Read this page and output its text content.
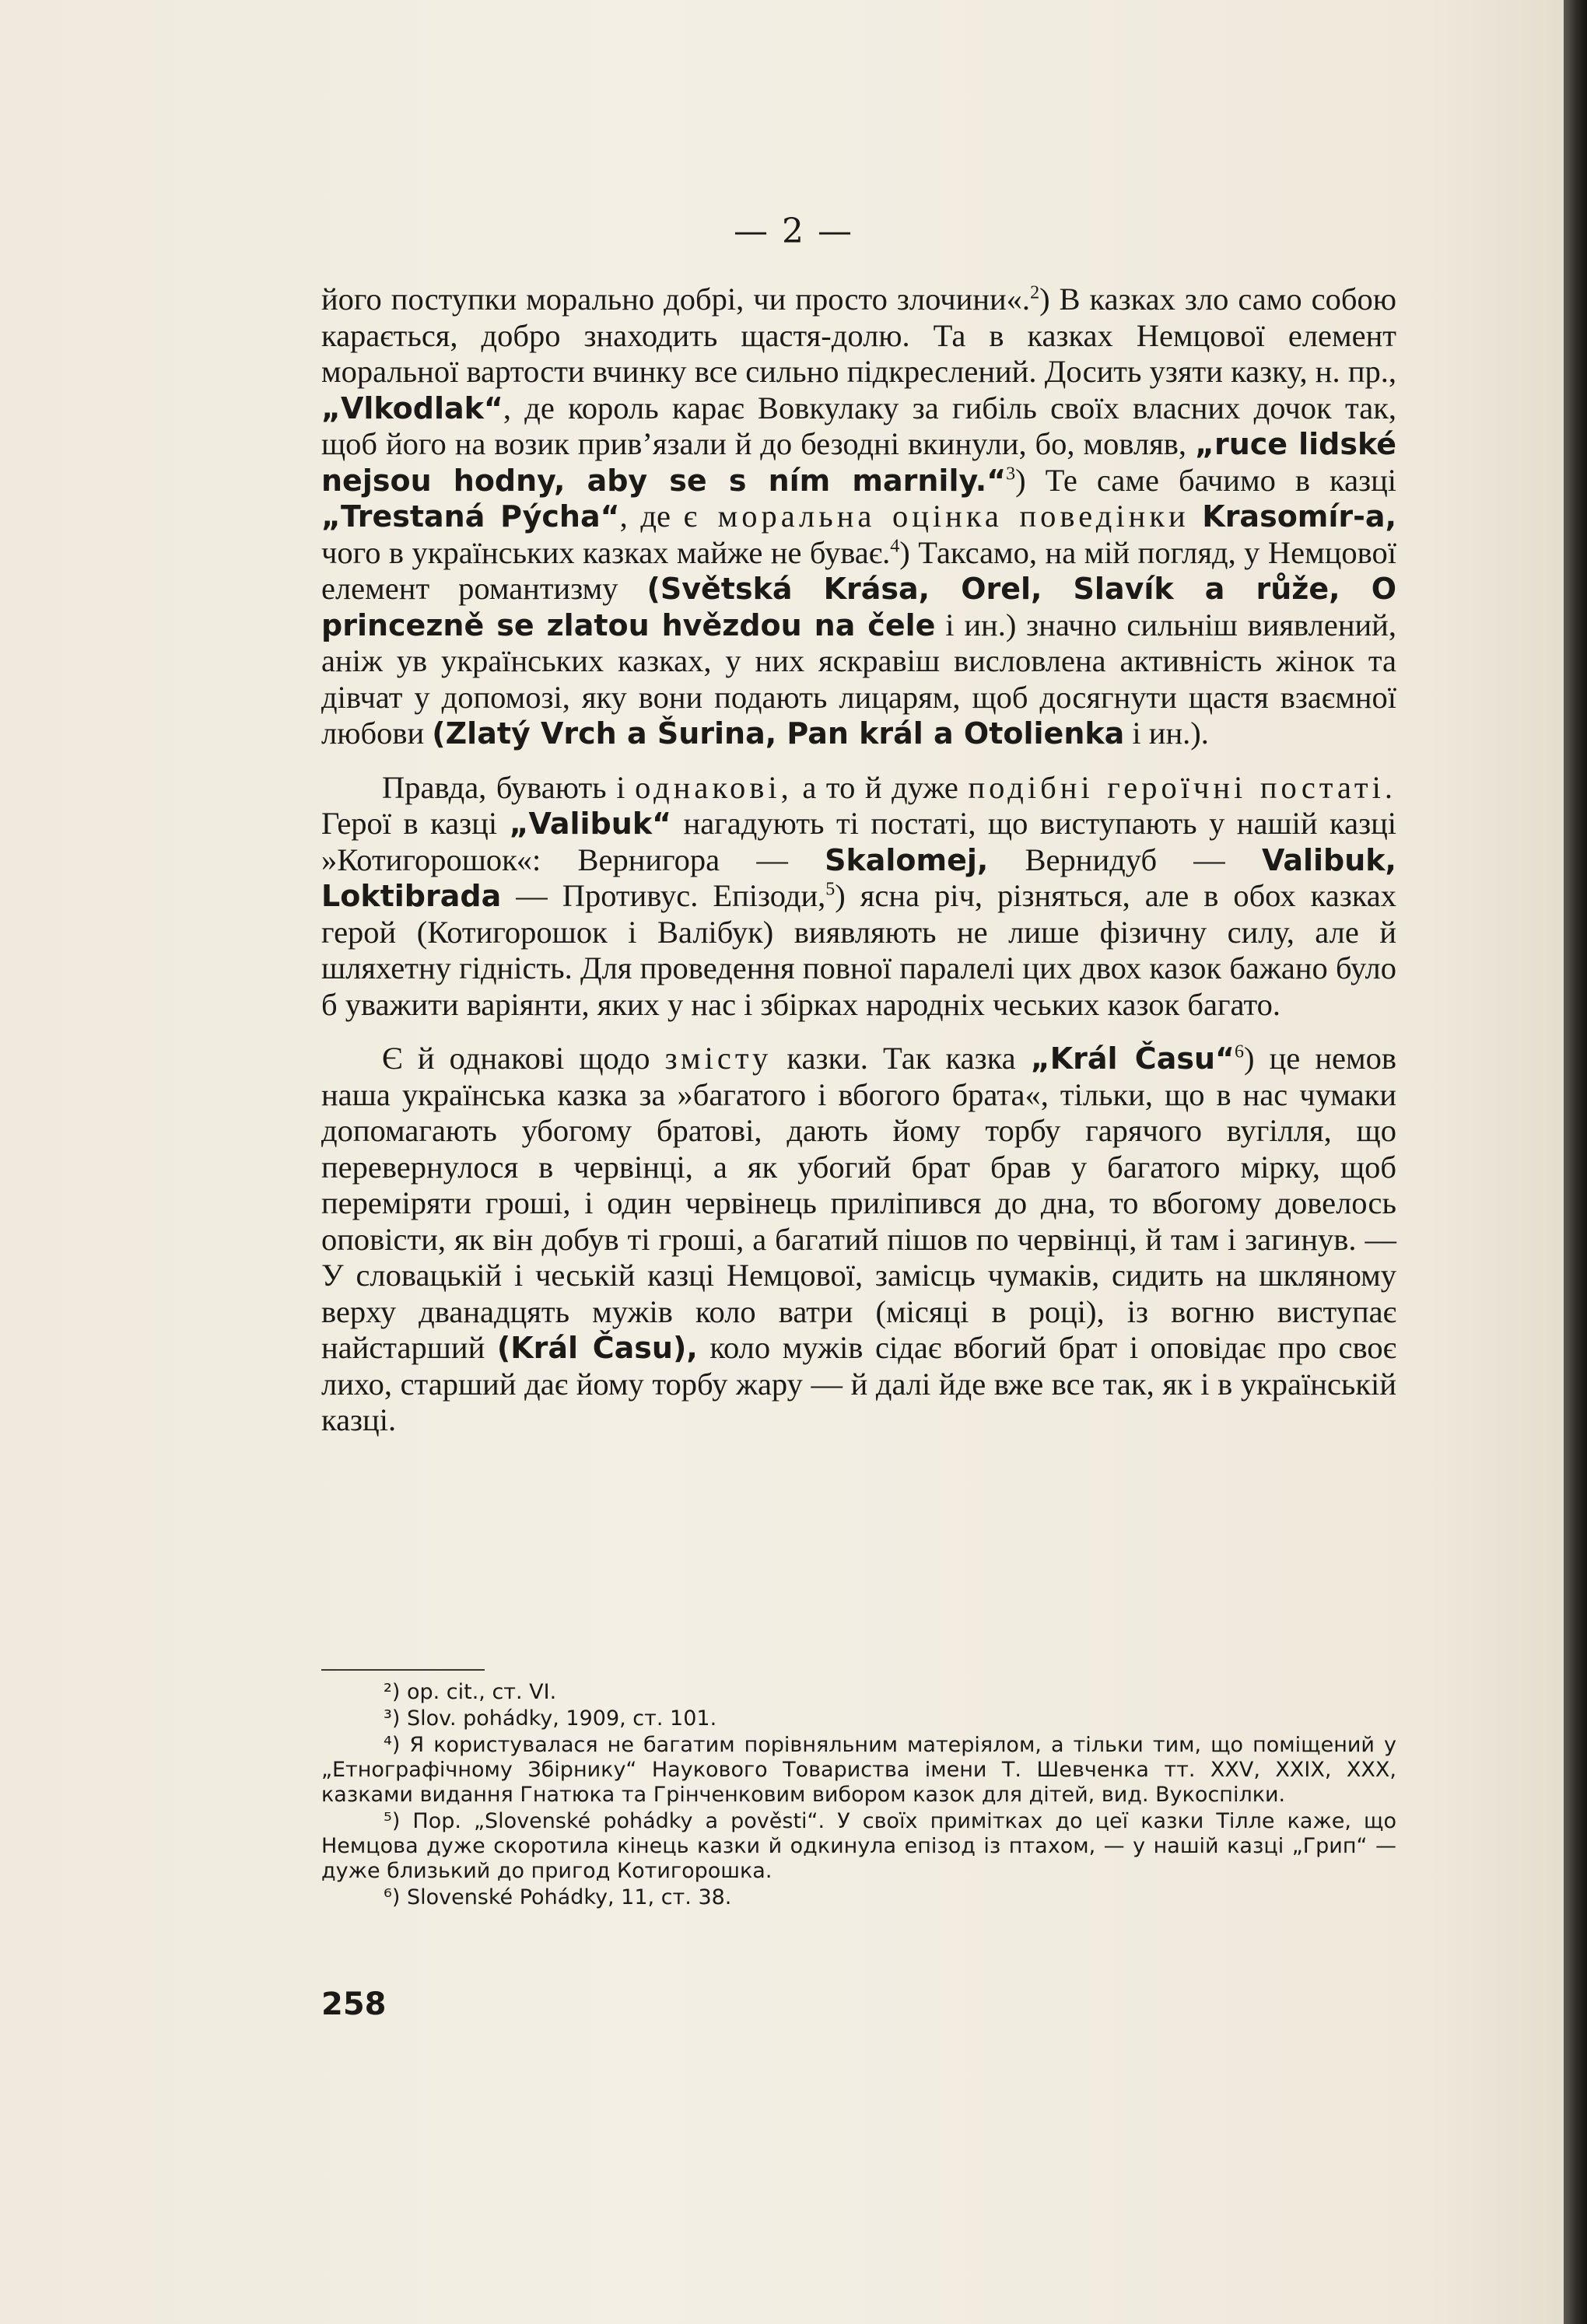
— 2 —

його поступки морально добрі, чи просто злочини«.$^2$) В казках зло само собою карається, добро знаходить щастя-долю. Та в казках Немцової елемент моральної вартости вчинку все сильно підкреслений. Досить узяти казку, н. пр., „Vlkodlak“, де король карає Вовкулаку за гибіль своїх власних дочок так, щоб його на возик прив’язали й до безодні вкинули, бо, мовляв, „ruce lidské nejsou hodny, aby se s ním marnily.“$^3$) Те саме бачимо в казці „Trestaná Pýcha“, де є моральна оцінка поведінки Krasomír-a, чого в українських казках майже не буває.$^4$) Таксамо, на мій погляд, у Немцової елемент романтизму (Světská Krása, Orel, Slavík a růže, O princezně se zlatou hvězdou na čele і ин.) значно сильніш виявлений, аніж ув українських казках, у них яскравіш висловлена активність жінок та дівчат у допомозі, яку вони подають лицарям, щоб досягнути щастя взаємної любови (Zlatý Vrch a Šurina, Pan král a Otolienka і ин.).

Правда, бувають і однакові, а то й дуже подібні героїчні постаті. Герої в казці „Valibuk“ нагадують ті постаті, що виступають у нашій казці »Котигорошок«: Вернигора — Skalomej, Вернидуб — Valibuk, Loktibrada — Противус. Епізоди,$^5$) ясна річ, різняться, але в обох казках герой (Котигорошок і Валібук) виявляють не лише фізичну силу, але й шляхетну гідність. Для проведення повної паралелі цих двох казок бажано було б уважити варіянти, яких у нас і збірках народніх чеських казок багато.

Є й однакові щодо змісту казки. Так казка „Král Času“$^6$) це немов наша українська казка за »багатого і вбогого брата«, тільки, що в нас чумаки допомагають убогому братові, дають йому торбу гарячого вугілля, що перевернулося в червінці, а як убогий брат брав у багатого мірку, щоб переміряти гроші, і один червінець приліпився до дна, то вбогому довелось оповісти, як він добув ті гроші, а багатий пішов по червінці, й там і загинув. — У словацькій і чеській казці Немцової, замісць чумаків, сидить на шкляному верху дванадцять мужів коло ватри (місяці в році), із вогню виступає найстарший (Král Času), коло мужів сідає вбогий брат і оповідає про своє лихо, старший дає йому торбу жару — й далі йде вже все так, як і в українській казці.

²) op. cit., ст. VI.

³) Slov. pohádky, 1909, ст. 101.

⁴) Я користувалася не багатим порівняльним матеріялом, а тільки тим, що поміщений у „Етнографічному Збірнику“ Наукового Товариства імени Т. Шевченка тт. XXV, XXIX, XXX, казками видання Гнатюка та Грінченковим вибором казок для дітей, вид. Вукоспілки.

⁵) Пор. „Slovenské pohádky a pověsti“. У своїх примітках до цеї казки Тілле каже, що Немцова дуже скоротила кінець казки й одкинула епізод із птахом, — у нашій казці „Грип“ — дуже близький до пригод Котигорошка.

⁶) Slovenské Pohádky, 11, ст. 38.

258
